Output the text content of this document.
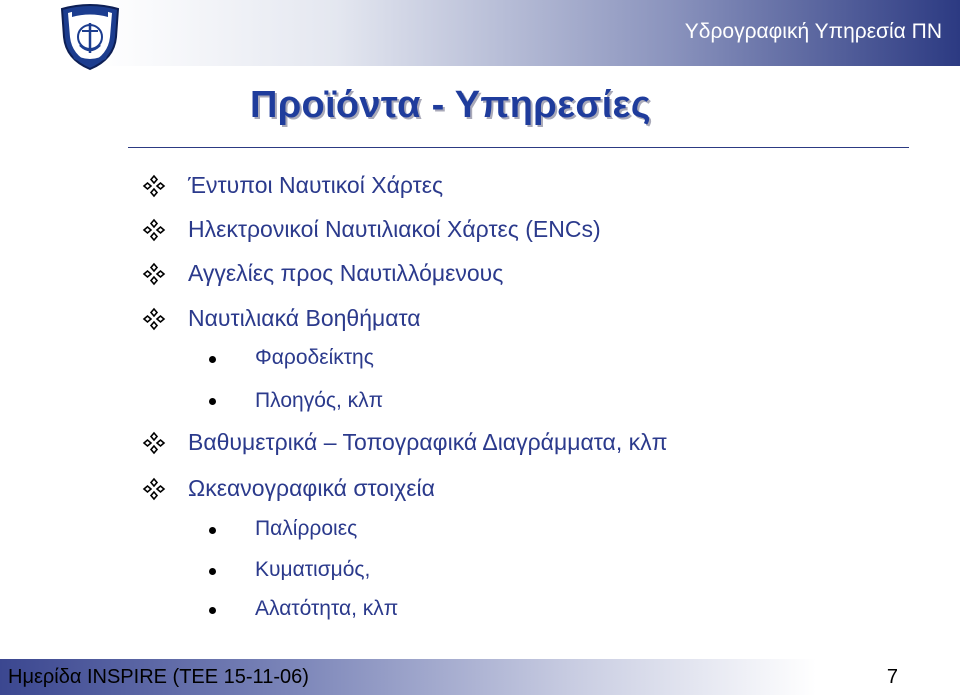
Υδρογραφική Υπηρεσία ΠΝ
Προϊόντα - Υπηρεσίες
Έντυποι Ναυτικοί Χάρτες
Ηλεκτρονικοί Ναυτιλιακοί Χάρτες (ENCs)
Αγγελίες προς Ναυτιλλόμενους
Ναυτιλιακά Βοηθήματα
Φαροδείκτης
Πλοηγός, κλπ
Βαθυμετρικά – Τοπογραφικά Διαγράμματα, κλπ
Ωκεανογραφικά στοιχεία
Παλίρροιες
Κυματισμός,
Αλατότητα, κλπ
Ημερίδα INSPIRE (ΤΕΕ 15-11-06)	7
